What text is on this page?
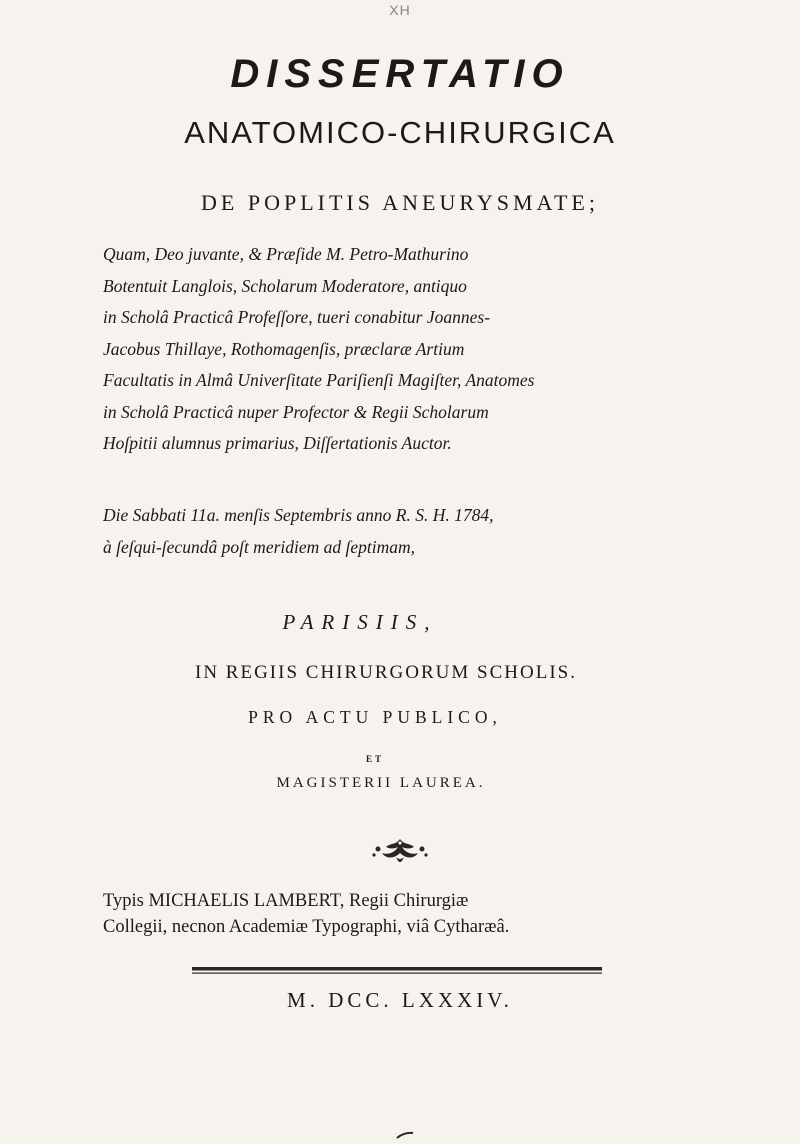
XH
DISSERTATIO
ANATOMICO-CHIRURGICA
DE POPLITIS ANEURYSMATE;
Quam, Deo juvante, & Præſide M. Petro-Mathurino
Botentuit Langlois, Scholarum Moderatore, antiquo
in Scholâ Practicâ Profeſſore, tueri conabitur Joannes-
Jacobus Thillaye, Rothomagenſis, præclaræ Artium
Facultatis in Almâ Univerſitate Pariſienſi Magiſter, Anatomes
in Scholâ Practicâ nuper Profector & Regii Scholarum
Hoſpitii alumnus primarius, Diſſertationis Auctor.
Die Sabbati 11a. menſis Septembris anno R. S. H. 1784,
à ſeſqui-ſecundâ poſt meridiem ad ſeptimam,
PARISIIS,
IN REGIIS CHIRURGORUM SCHOLIS.
PRO ACTU PUBLICO,
ET
MAGISTERII LAUREA.
Typis MICHAELIS LAMBERT, Regii Chirurgiæ
Collegii, necnon Academiæ Typographi, viâ Cytharæâ.
M. DCC. LXXXIV.
